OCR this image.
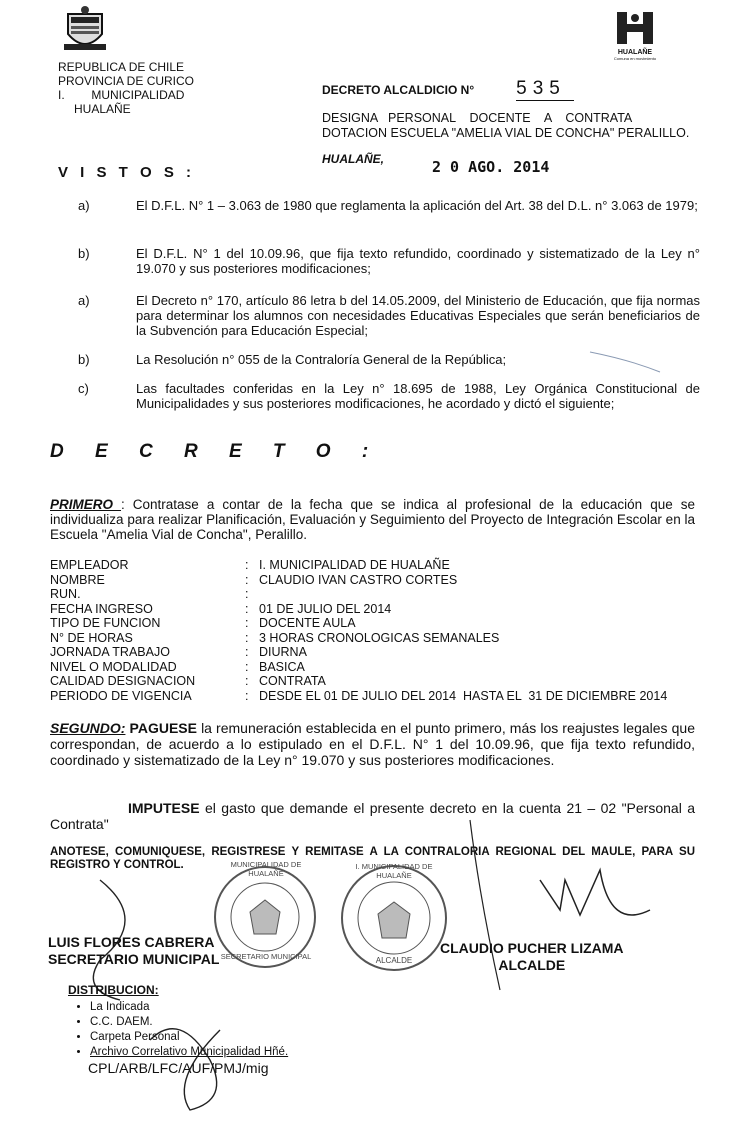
REPUBLICA DE CHILE
PROVINCIA DE CURICO
I.        MUNICIPALIDAD
HUALAÑE
HUALAÑE
Comuna en movimiento
DECRETO ALCALDICIO N° 535
DESIGNA   PERSONAL    DOCENTE    A    CONTRATA
DOTACION ESCUELA "AMELIA VIAL DE CONCHA" PERALILLO.
HUALAÑE,	2 0 AGO. 2014
V I S T O S :
a)	El D.F.L. N° 1 – 3.063 de 1980 que reglamenta la aplicación del Art. 38 del D.L. n° 3.063 de 1979;
b)	El D.F.L. N° 1 del 10.09.96, que fija texto refundido, coordinado y sistematizado de la Ley n° 19.070 y sus posteriores modificaciones;
a)	El Decreto n° 170, artículo 86 letra b del 14.05.2009, del Ministerio de Educación, que fija normas para determinar los alumnos con necesidades Educativas Especiales que serán beneficiarios de la Subvención para Educación Especial;
b)	La Resolución n° 055 de la Contraloría General de la República;
c)	Las facultades conferidas en la Ley n° 18.695 de 1988, Ley Orgánica Constitucional de Municipalidades y sus posteriores modificaciones, he acordado y dictó el siguiente;
D E C R E T O :
PRIMERO : Contratase a contar de la fecha que se indica al profesional de la educación que se individualiza para realizar Planificación, Evaluación y Seguimiento del Proyecto de Integración Escolar en la Escuela "Amelia Vial de Concha", Peralillo.
EMPLEADOR	: I. MUNICIPALIDAD DE HUALAÑE
NOMBRE	: CLAUDIO IVAN CASTRO CORTES
RUN.	:
FECHA INGRESO	: 01 DE JULIO DEL 2014
TIPO DE FUNCION	: DOCENTE AULA
N° DE HORAS	: 3 HORAS CRONOLOGICAS SEMANALES
JORNADA TRABAJO	: DIURNA
NIVEL O MODALIDAD	: BASICA
CALIDAD DESIGNACION	: CONTRATA
PERIODO DE VIGENCIA	: DESDE EL 01 DE JULIO DEL 2014  HASTA EL  31 DE DICIEMBRE 2014
SEGUNDO: PAGUESE la remuneración establecida en el punto primero, más los reajustes legales que correspondan, de acuerdo a lo estipulado en el D.F.L. N° 1 del 10.09.96, que fija texto refundido, coordinado y sistematizado de la Ley n° 19.070 y sus posteriores modificaciones.
IMPUTESE el gasto que demande el presente decreto en la cuenta 21 – 02 "Personal a Contrata"
ANOTESE, COMUNIQUESE, REGISTRESE Y REMITASE A LA CONTRALORIA REGIONAL DEL MAULE, PARA SU REGISTRO Y CONTROL.	MUNICIPALIDAD DE HUALAÑE
SECRETARIO MUNICIPAL
I. MUNICIPALIDAD DE HUALAÑE
ALCALDE
LUIS FLORES CABRERA
SECRETARIO MUNICIPAL
CLAUDIO PUCHER LIZAMA
ALCALDE
DISTRIBUCION:
• La Indicada
• C.C. DAEM.
• Carpeta Personal
• Archivo Correlativo Municipalidad Hñé.
CPL/ARB/LFC/AUF/PMJ/mig
